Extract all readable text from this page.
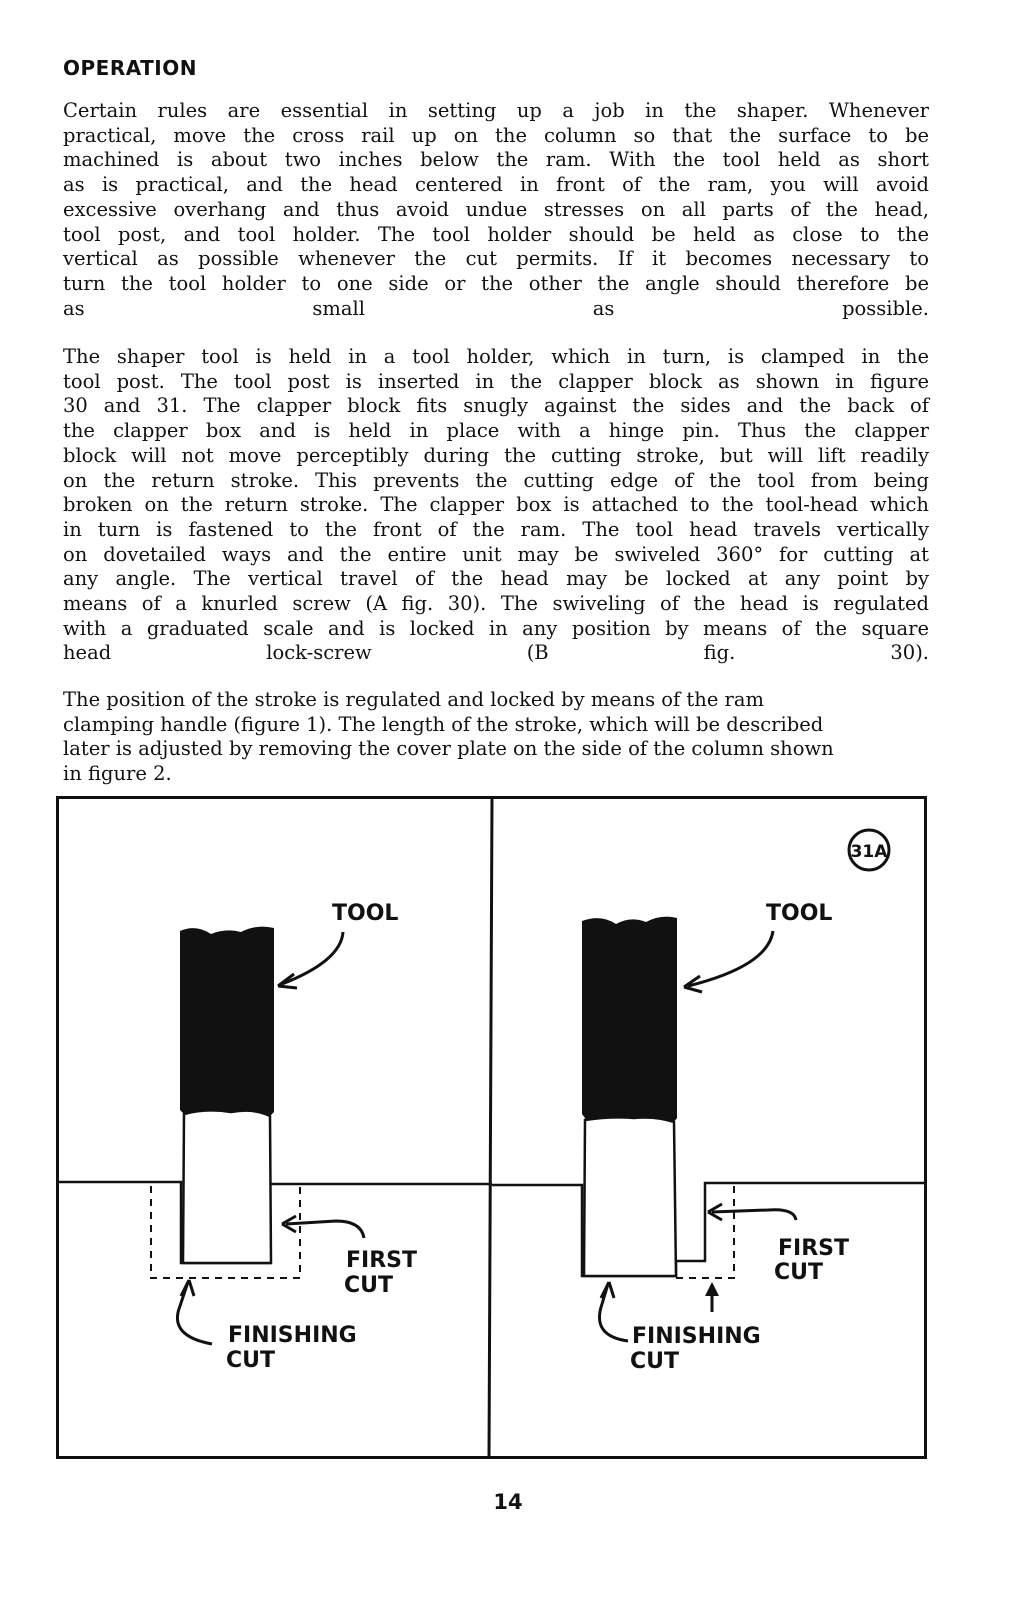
OPERATION

Certain rules are essential in setting up a job in the shaper. Whenever
practical, move the cross rail up on the column so that the surface to be
machined is about two inches below the ram. With the tool held as short
as is practical, and the head centered in front of the ram, you will avoid
excessive overhang and thus avoid undue stresses on all parts of the head,
tool post, and tool holder. The tool holder should be held as close to the
vertical as possible whenever the cut permits. If it becomes necessary to
turn the tool holder to one side or the other the angle should therefore be
as small as possible.

The shaper tool is held in a tool holder, which in turn, is clamped in the
tool post. The tool post is inserted in the clapper block as shown in figure
30 and 31. The clapper block fits snugly against the sides and the back of
the clapper box and is held in place with a hinge pin. Thus the clapper
block will not move perceptibly during the cutting stroke, but will lift readily
on the return stroke. This prevents the cutting edge of the tool from being
broken on the return stroke. The clapper box is attached to the tool-head which
in turn is fastened to the front of the ram. The tool head travels vertically
on dovetailed ways and the entire unit may be swiveled 360° for cutting at
any angle. The vertical travel of the head may be locked at any point by
means of a knurled screw (A fig. 30). The swiveling of the head is regulated
with a graduated scale and is locked in any position by means of the square
head lock-screw (B fig. 30).

The position of the stroke is regulated and locked by means of the ram
clamping handle (figure 1). The length of the stroke, which will be described
later is adjusted by removing the cover plate on the side of the column shown
in figure 2.

TOOL
FIRST
CUT
FINISHING
CUT
TOOL
FIRST
CUT
FINISHING
CUT
31A
14
